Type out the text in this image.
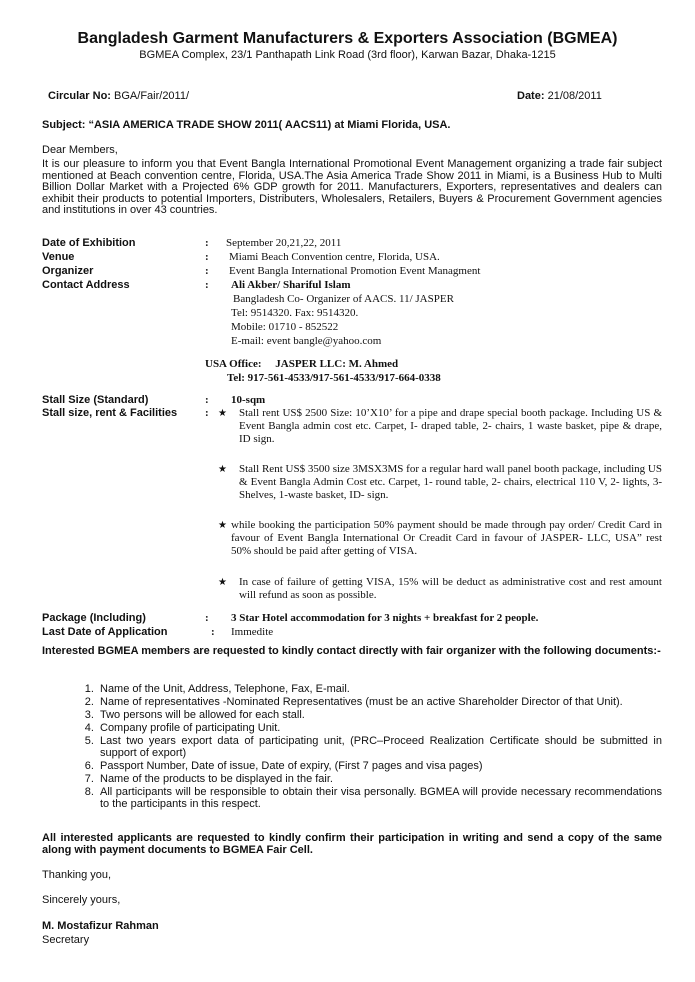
Bangladesh Garment Manufacturers & Exporters Association (BGMEA)
BGMEA Complex, 23/1 Panthapath Link Road (3rd floor), Karwan Bazar, Dhaka-1215
Circular No: BGA/Fair/2011/	Date: 21/08/2011
Subject: “ASIA AMERICA TRADE SHOW 2011( AACS11) at Miami Florida, USA.
Dear Members,
It is our pleasure to inform you that Event Bangla International Promotional Event Management organizing a trade fair subject mentioned at Beach convention centre, Florida, USA.The Asia America Trade Show 2011 in Miami, is a Business Hub to Multi Billion Dollar Market with a Projected 6% GDP growth for 2011. Manufacturers, Exporters, representatives and dealers can exhibit their products to potential Importers, Distributers, Wholesalers, Retailers, Buyers & Procurement Government agencies and institutions in over 43 countries.
Date of Exhibition	: September 20,21,22, 2011
Venue	: Miami Beach Convention centre, Florida, USA.
Organizer	: Event Bangla International Promotion Event Managment
Contact Address	: Ali Akber/ Shariful Islam
Bangladesh Co- Organizer of AACS. 11/ JASPER
Tel: 9514320. Fax: 9514320.
Mobile: 01710 - 852522
E-mail: event bangle@yahoo.com
USA Office:     JASPER LLC: M. Ahmed
Tel: 917-561-4533/917-561-4533/917-664-0338
Stall Size (Standard)	: 10-sqm
Stall size, rent & Facilities	: ★ Stall rent US$ 2500 Size: 10’X10’ for a pipe and drape special booth package. Including US & Event Bangla admin cost etc. Carpet, I- draped table, 2- chairs, 1 waste basket, pipe & drape, ID sign.
★ Stall Rent US$ 3500 size 3MSX3MS for a regular hard wall panel booth package, including US & Event Bangla Admin Cost etc. Carpet, 1- round table, 2- chairs, electrical 110 V, 2- lights, 3- Shelves, 1-waste basket, ID- sign.
★ while booking the participation 50% payment should be made through pay order/ Credit Card in favour of Event Bangla International Or Creadit Card in favour of JASPER- LLC, USA” rest 50% should be paid after getting of VISA.
★ In case of failure of getting VISA, 15% will be deduct as administrative cost and rest amount will refund as soon as possible.
Package (Including)	: 3 Star Hotel accommodation for 3 nights + breakfast for 2 people.
Last Date of Application	: Immedite
Interested BGMEA members are requested to kindly contact directly with fair organizer with the following documents:-
1. Name of the Unit, Address, Telephone, Fax, E-mail.
2. Name of representatives -Nominated Representatives (must be an active Shareholder Director of that Unit).
3. Two persons will be allowed for each stall.
4. Company profile of participating Unit.
5. Last two years export data of participating unit, (PRC–Proceed Realization Certificate should be submitted in support of export)
6. Passport Number, Date of issue, Date of expiry, (First 7 pages and visa pages)
7. Name of the products to be displayed in the fair.
8. All participants will be responsible to obtain their visa personally. BGMEA will provide necessary recommendations to the participants in this respect.
All interested applicants are requested to kindly confirm their participation in writing and send a copy of the same along with payment documents to BGMEA Fair Cell.
Thanking you,
Sincerely yours,
M. Mostafizur Rahman
Secretary
